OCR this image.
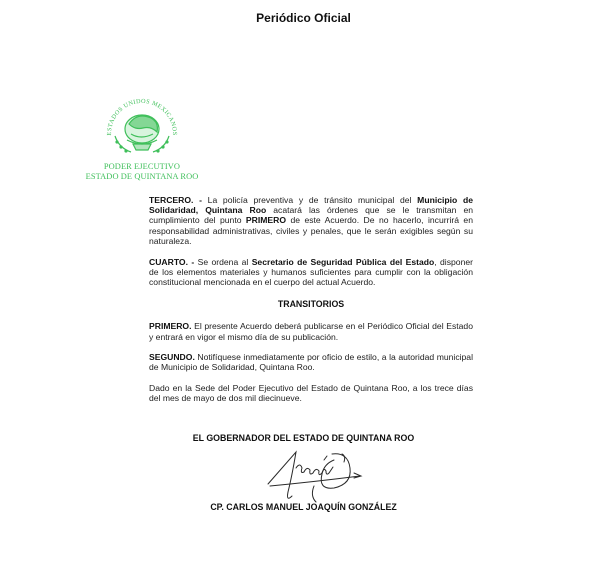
Periódico Oficial
ESTADOS UNIDOS MEXICANOS
PODER EJECUTIVO
ESTADO DE QUINTANA ROO

TERCERO. - La policía preventiva y de tránsito municipal del Municipio de Solidaridad, Quintana Roo acatará las órdenes que se le transmitan en cumplimiento del punto PRIMERO de este Acuerdo. De no hacerlo, incurrirá en responsabilidad administrativas, civiles y penales, que le serán exigibles según su naturaleza.

CUARTO. - Se ordena al Secretario de Seguridad Pública del Estado, disponer de los elementos materiales y humanos suficientes para cumplir con la obligación constitucional mencionada en el cuerpo del actual Acuerdo.

TRANSITORIOS

PRIMERO. El presente Acuerdo deberá publicarse en el Periódico Oficial del Estado y entrará en vigor el mismo día de su publicación.

SEGUNDO. Notifíquese inmediatamente por oficio de estilo, a la autoridad municipal de Municipio de Solidaridad, Quintana Roo.

Dado en la Sede del Poder Ejecutivo del Estado de Quintana Roo, a los trece días del mes de mayo de dos mil diecinueve.

EL GOBERNADOR DEL ESTADO DE QUINTANA ROO
Joaquín
CP. CARLOS MANUEL JOAQUÍN GONZÁLEZ
